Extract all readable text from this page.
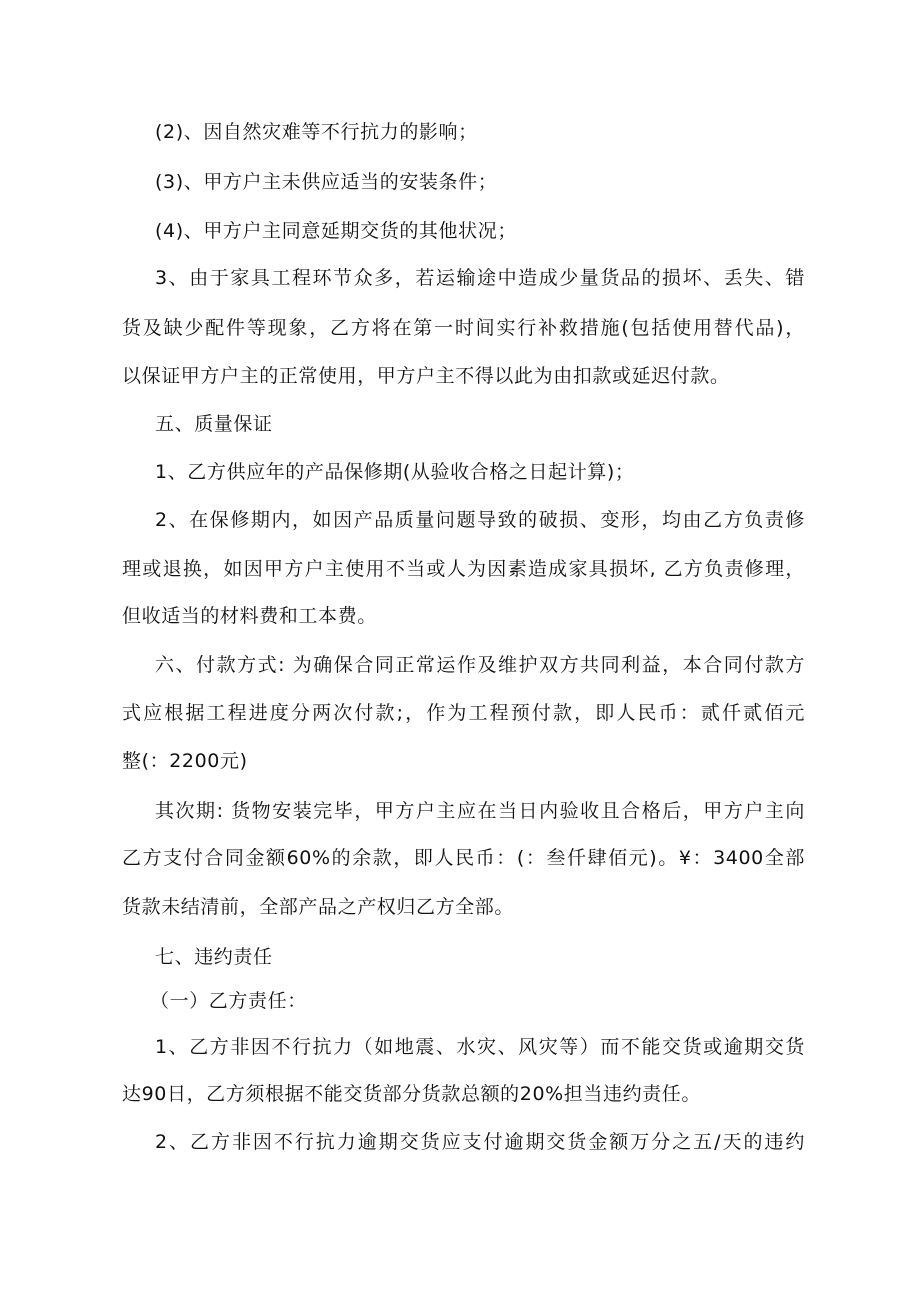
(2)、因自然灾难等不行抗力的影响；
(3)、甲方户主未供应适当的安装条件；
(4)、甲方户主同意延期交货的其他状况；
3、由于家具工程环节众多，若运输途中造成少量货品的损坏、丢失、错
货及缺少配件等现象，乙方将在第一时间实行补救措施(包括使用替代品)，
以保证甲方户主的正常使用，甲方户主不得以此为由扣款或延迟付款。
五、质量保证
1、乙方供应年的产品保修期(从验收合格之日起计算)；
2、在保修期内，如因产品质量问题导致的破损、变形，均由乙方负责修
理或退换，如因甲方户主使用不当或人为因素造成家具损坏, 乙方负责修理，
但收适当的材料费和工本费。
六、付款方式: 为确保合同正常运作及维护双方共同利益，本合同付款方
式应根据工程进度分两次付款;，作为工程预付款，即人民币：贰仟贰佰元
整(：2200元)
其次期: 货物安装完毕，甲方户主应在当日内验收且合格后，甲方户主向
乙方支付合同金额60%的余款，即人民币：(：叁仟肆佰元)。¥：3400全部
货款未结清前，全部产品之产权归乙方全部。
七、违约责任
（一）乙方责任：
1、乙方非因不行抗力（如地震、水灾、风灾等）而不能交货或逾期交货
达90日，乙方须根据不能交货部分货款总额的20%担当违约责任。
2、乙方非因不行抗力逾期交货应支付逾期交货金额万分之五/天的违约
